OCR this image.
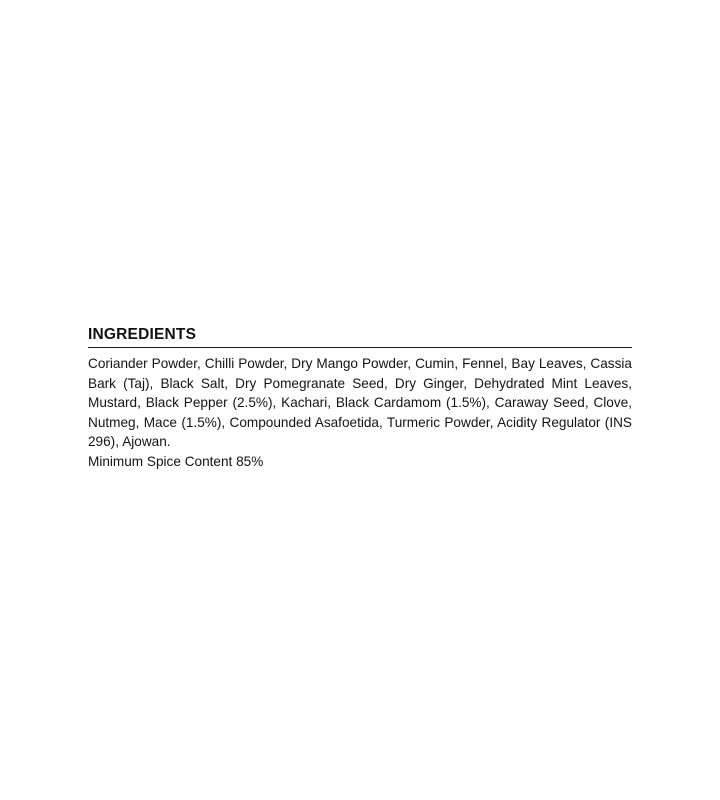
INGREDIENTS

Coriander Powder, Chilli Powder, Dry Mango Powder, Cumin, Fennel, Bay Leaves, Cassia Bark (Taj), Black Salt, Dry Pomegranate Seed, Dry Ginger, Dehydrated Mint Leaves, Mustard, Black Pepper (2.5%), Kachari, Black Cardamom (1.5%), Caraway Seed, Clove, Nutmeg, Mace (1.5%), Compounded Asafoetida, Turmeric Powder, Acidity Regulator (INS 296), Ajowan.

Minimum Spice Content 85%
